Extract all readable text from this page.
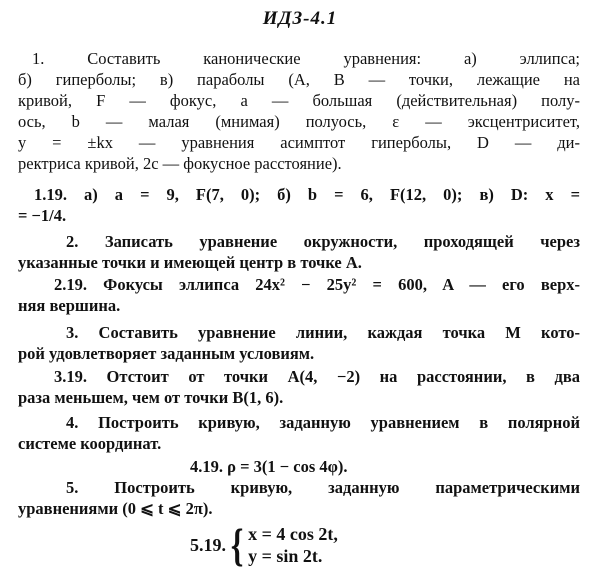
ИДЗ-4.1
1. Составить канонические уравнения: а) эллипса;
б) гиперболы; в) параболы (A, B — точки, лежащие на
кривой, F — фокус, a — большая (действительная) полу-
ось, b — малая (мнимая) полуось, ε — эксцентриситет,
y = ±kx — уравнения асимптот гиперболы, D — ди-
ректриса кривой, 2c — фокусное расстояние).
1.19. а) a = 9, F(7, 0); б) b = 6, F(12, 0); в) D: x =
= −1/4.
2. Записать уравнение окружности, проходящей через
указанные точки и имеющей центр в точке A.
2.19. Фокусы эллипса 24x² − 25y² = 600, A — его верх-
няя вершина.
3. Составить уравнение линии, каждая точка M кото-
рой удовлетворяет заданным условиям.
3.19. Отстоит от точки A(4, −2) на расстоянии, в два
раза меньшем, чем от точки B(1, 6).
4. Построить кривую, заданную уравнением в полярной
системе координат.
4.19. ρ = 3(1 − cos 4φ).
5. Построить кривую, заданную параметрическими
уравнениями (0 ⩽ t ⩽ 2π).
5.19. { x = 4 cos 2t,
y = sin 2t.
